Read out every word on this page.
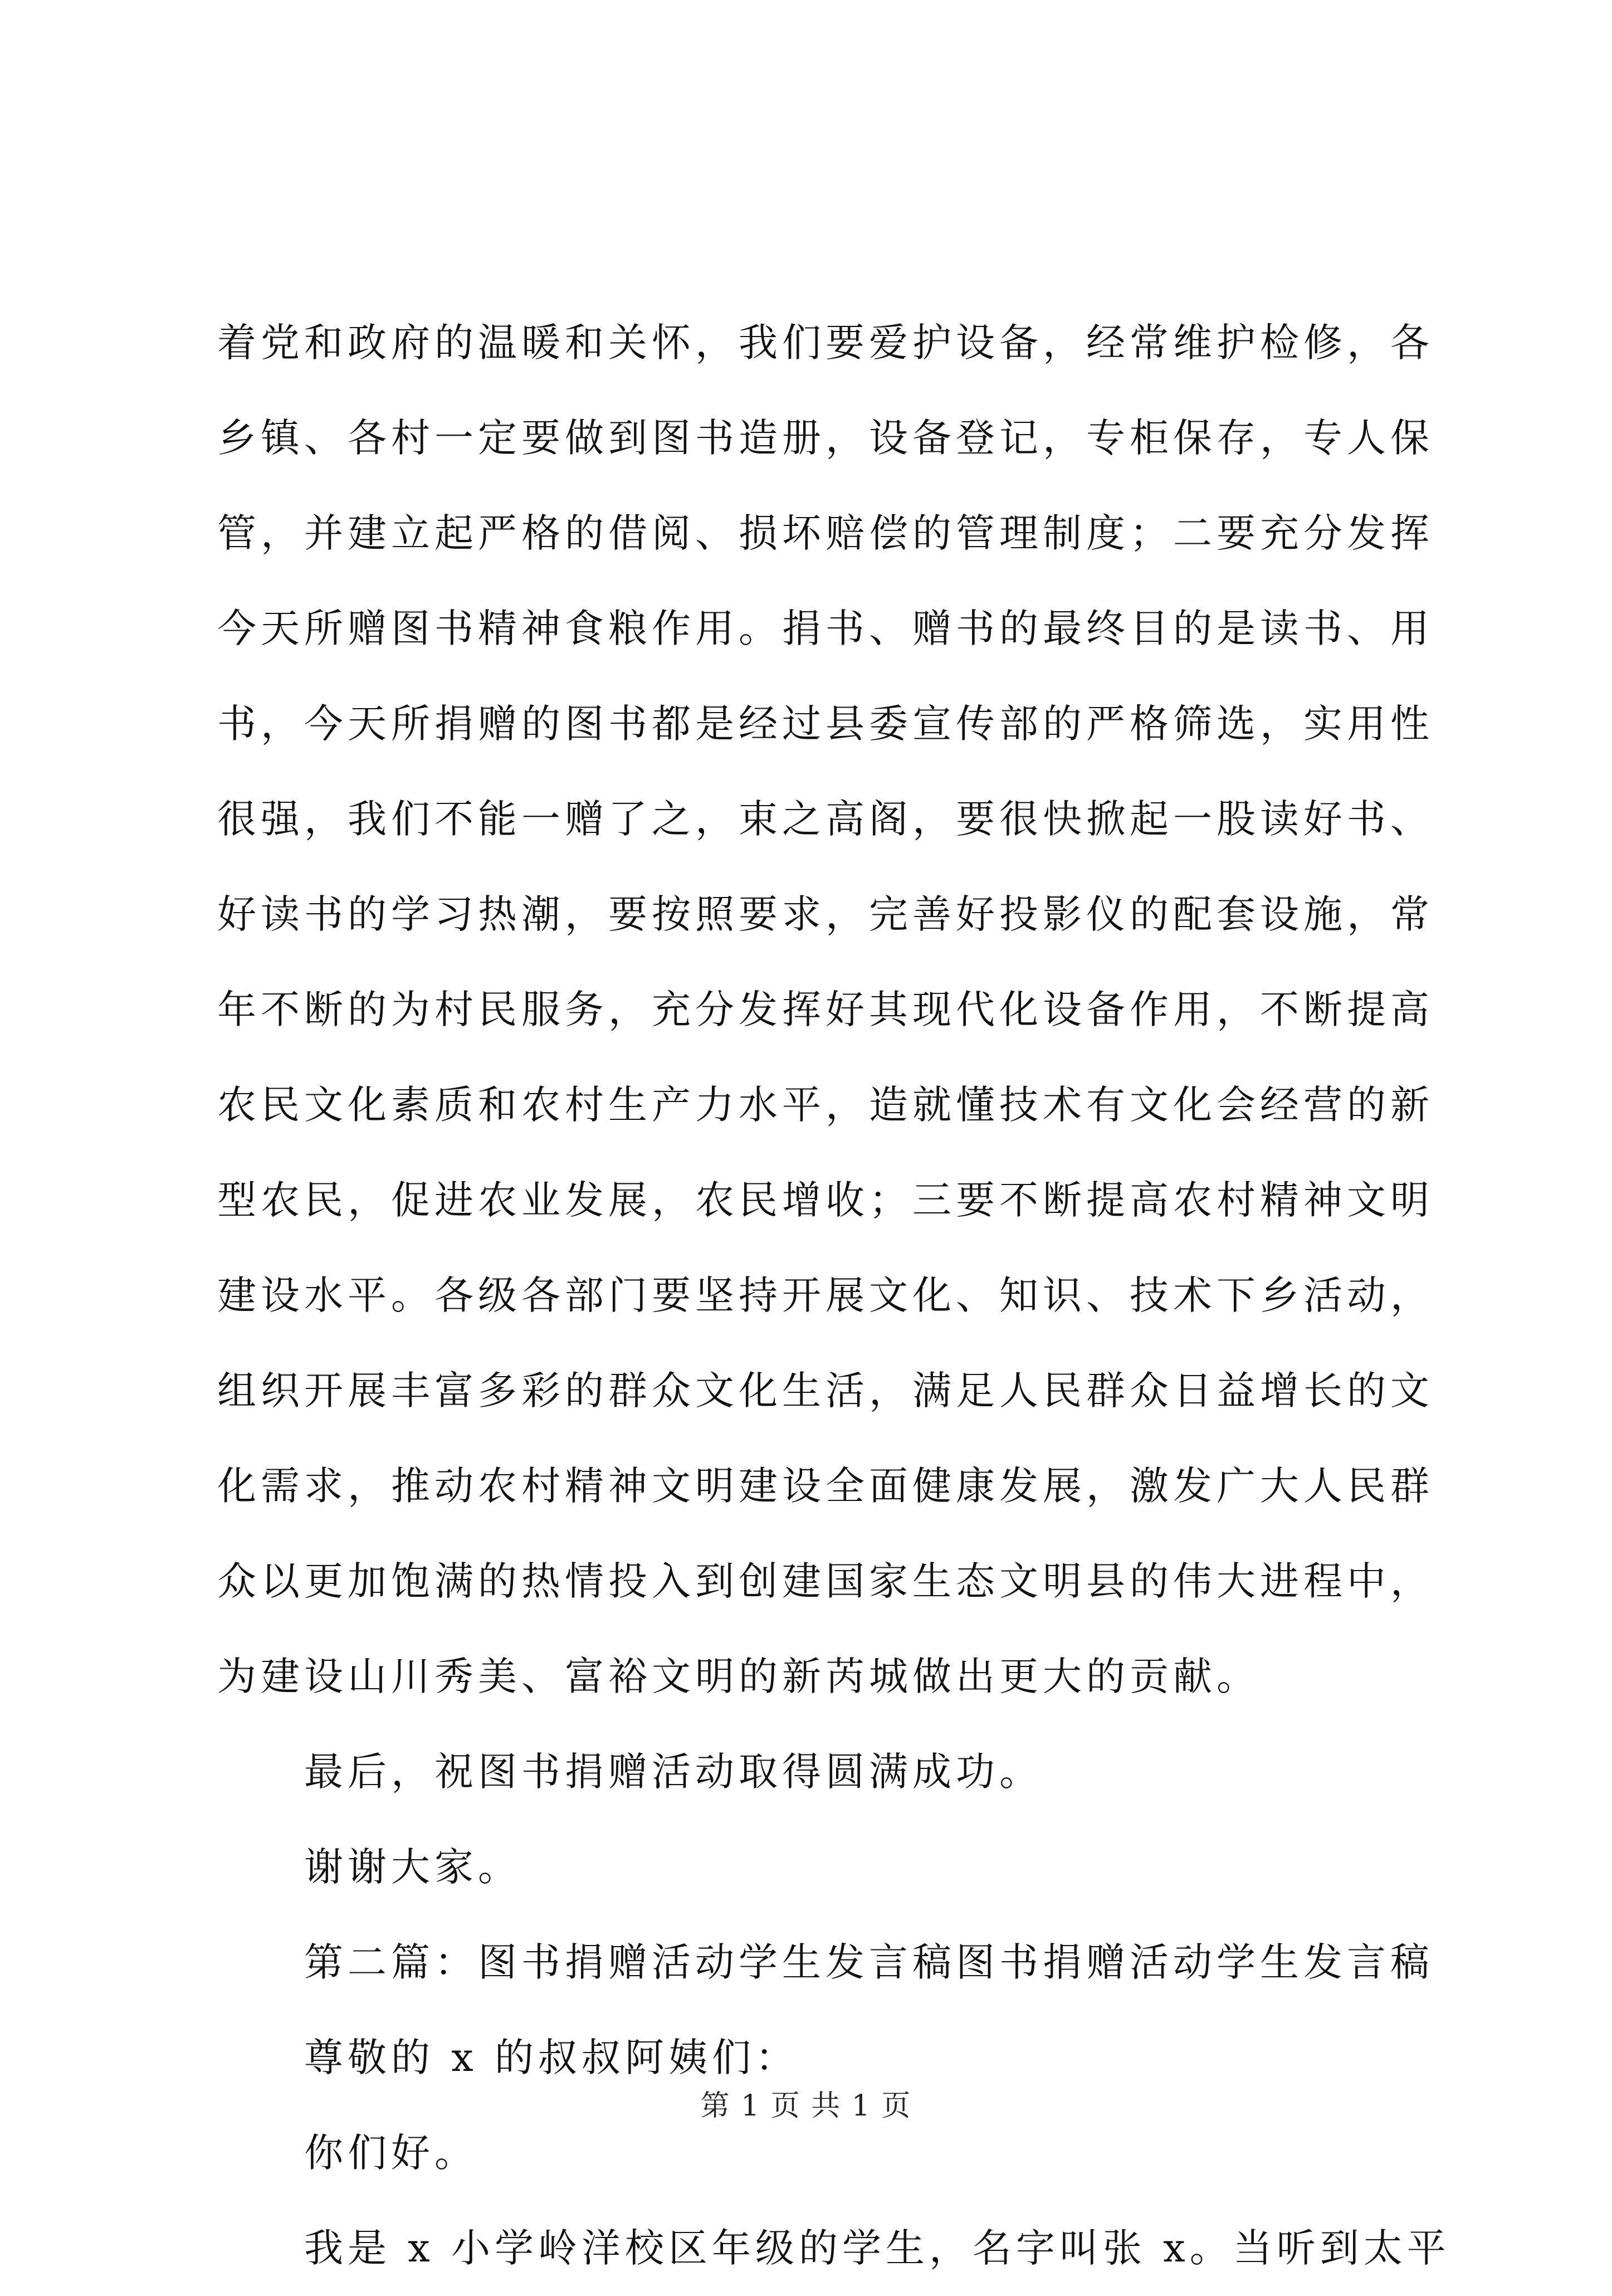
着党和政府的温暖和关怀，我们要爱护设备，经常维护检修，各
乡镇、各村一定要做到图书造册，设备登记，专柜保存，专人保
管，并建立起严格的借阅、损坏赔偿的管理制度；二要充分发挥
今天所赠图书精神食粮作用。捐书、赠书的最终目的是读书、用
书，今天所捐赠的图书都是经过县委宣传部的严格筛选，实用性
很强，我们不能一赠了之，束之高阁，要很快掀起一股读好书、
好读书的学习热潮，要按照要求，完善好投影仪的配套设施，常
年不断的为村民服务，充分发挥好其现代化设备作用，不断提高
农民文化素质和农村生产力水平，造就懂技术有文化会经营的新
型农民，促进农业发展，农民增收；三要不断提高农村精神文明
建设水平。各级各部门要坚持开展文化、知识、技术下乡活动，
组织开展丰富多彩的群众文化生活，满足人民群众日益增长的文
化需求，推动农村精神文明建设全面健康发展，激发广大人民群
众以更加饱满的热情投入到创建国家生态文明县的伟大进程中，
为建设山川秀美、富裕文明的新芮城做出更大的贡献。
最后，祝图书捐赠活动取得圆满成功。
谢谢大家。
第二篇：图书捐赠活动学生发言稿图书捐赠活动学生发言稿
尊敬的 x 的叔叔阿姨们：
你们好。
我是 x 小学岭洋校区年级的学生，名字叫张 x。当听到太平
第 1 页 共 1 页
